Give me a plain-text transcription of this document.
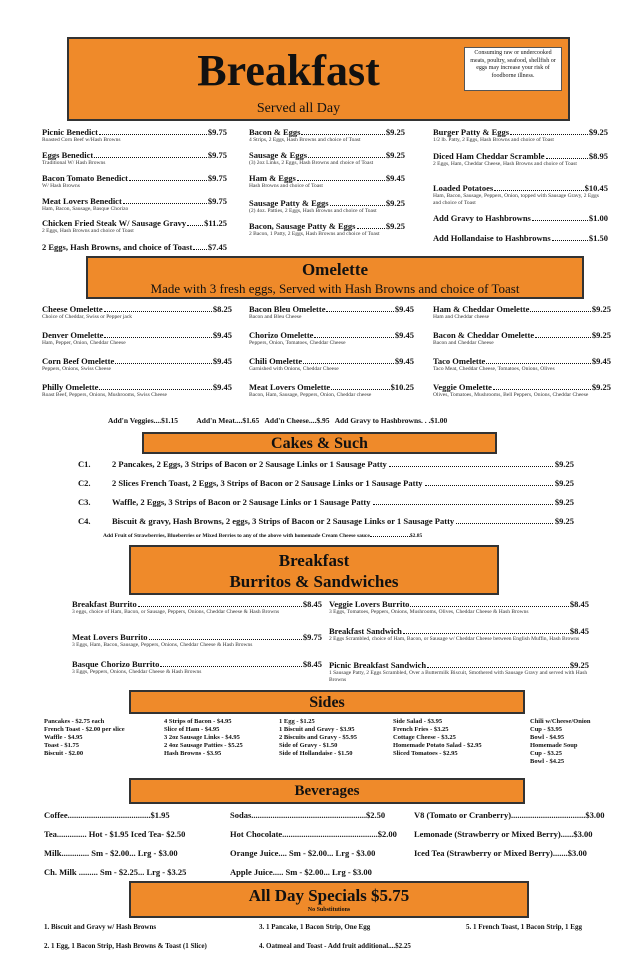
Breakfast
Served all Day
Consuming raw or undercooked meats, poultry, seafood, shellfish or eggs may increase your risk of foodborne illness.
Omelette
Made with 3 fresh eggs, Served with Hash Browns and choice of Toast
Add'n Veggies....$1.15          Add'n Meat....$1.65   Add'n Cheese....$.95   Add Gravy to Hashbrowns. . .$1.00
Cakes & Such
Add Fruit of Strawberries, Blueberries or Mixed Berries to any of the above with homemade Cream Cheese sauce	$2.85
Breakfast
Burritos & Sandwiches
Sides
Pancakes - $2.75 each
French Toast - $2.00 per slice
Waffle - $4.95
Toast - $1.75
Biscuit - $2.00
4 Strips of Bacon - $4.95
Slice of Ham - $4.95
3 2oz Sausage Links - $4.95
2 4oz Sausage Patties - $5.25
Hash Browns - $3.95
1 Egg - $1.25
1 Biscuit and Gravy - $3.95
2 Biscuits and Gravy - $5.95
Side of Gravy - $1.50
Side of Hollandaise - $1.50
Side Salad - $3.95
French Fries - $3.25
Cottage Cheese - $3.25
Homemade Potato Salad - $2.95
Sliced Tomatoes - $2.95
Chili w/Cheese/Onion
Cup - $3.95
Bowl - $4.95
Homemade Soup
Cup - $3.25
Bowl - $4.25
Beverages
All Day Specials $5.75
No Substitutions
1. Biscuit and Gravy w/ Hash Browns	3. 1 Pancake, 1 Bacon Strip, One Egg	5. 1 French Toast, 1 Bacon Strip, 1 Egg
2. 1 Egg, 1 Bacon Strip, Hash Browns & Toast (1 Slice)	4. Oatmeal and Toast - Add fruit additional....$2.25
Picnic Benedict	$9.75
Roasted Corn Beef w/Hash Browns
Eggs Benedict	$9.75
Traditional W/ Hash Browns
Bacon Tomato Benedict	$9.75
W/ Hash Browns
Meat Lovers Benedict	$9.75
Ham, Bacon, Sausage, Basque Chorizo
Chicken Fried Steak W/ Sausage Gravy $11.25
2 Eggs, Hash Browns and choice of Toast
2 Eggs, Hash Browns, and choice of Toast $7.45
Bacon & Eggs	$9.25
4 Strips, 2 Eggs, Hash Browns and choice of Toast
Sausage & Eggs	$9.25
(3) 2oz Links, 2 Eggs, Hash Browns and choice of Toast
Ham & Eggs	$9.45
Hash Browns and choice of Toast
Sausage Patty & Eggs	$9.25
(2) 4oz. Patties, 2 Eggs, Hash Browns and choice of Toast
Bacon, Sausage Patty & Eggs	$9.25
2 Bacon, 1 Patty, 2 Eggs, Hash Browns and choice of Toast
Burger Patty & Eggs	$9.25
1/2 lb. Patty, 2 Eggs, Hash Browns and choice of Toast
Diced Ham Cheddar Scramble	$8.95
2 Eggs, Ham, Cheddar Cheese, Hash Browns and choice of Toast
Loaded Potatoes	$10.45
Ham, Bacon, Sausage, Peppers, Onion, topped with Sausage Gravy, 2 Eggs and choice of Toast
Add Gravy to Hashbrowns	$1.00
Add Hollandaise to Hashbrowns	$1.50
Cheese Omelette	$8.25
Choice of Cheddar, Swiss or Pepper jack
Denver Omelette	$9.45
Ham, Pepper, Onion, Cheddar Cheese
Corn Beef Omelette	$9.45
Peppers, Onions, Swiss Cheese
Philly Omelette	$9.45
Roast Beef, Peppers, Onions, Mushrooms, Swiss Cheese
Bacon Bleu Omelette	$9.45
Bacon and Bleu Cheese
Chorizo Omelette	$9.45
Peppers, Onion, Tomatoes, Cheddar Cheese
Chili Omelette	$9.45
Garnished with Onions, Cheddar Cheese
Meat Lovers Omelette	$10.25
Bacon, Ham, Sausage, Peppers, Onion, Cheddar cheese
Ham & Cheddar Omelette	$9.25
Ham and Cheddar cheese
Bacon & Cheddar Omelette	$9.25
Bacon and Cheddar Cheese
Taco Omelette	$9.45
Taco Meat, Cheddar Cheese, Tomatoes, Onions, Olives
Veggie Omelette	$9.25
Olives, Tomatoes, Mushrooms, Bell Peppers, Onions, Cheddar Cheese
C1.	2 Pancakes, 2 Eggs, 3 Strips of Bacon or 2 Sausage Links or 1 Sausage Patty	$9.25
C2.	2 Slices French Toast, 2 Eggs, 3 Strips of Bacon or 2 Sausage Links or 1 Sausage Patty	$9.25
C3.	Waffle, 2 Eggs, 3 Strips of Bacon or 2 Sausage Links or 1 Sausage Patty	$9.25
C4.	Biscuit & gravy, Hash Browns, 2 eggs, 3 Strips of Bacon or 2 Sausage Links or 1 Sausage Patty	$9.25
Breakfast Burrito	$8.45
3 eggs, choice of Ham, Bacon, or Sausage, Peppers, Onions, Cheddar Cheese & Hash Browns
Meat Lovers Burrito	$9.75
3 Eggs, Ham, Bacon, Sausage, Peppers, Onions, Cheddar Cheese & Hash Browns
Basque Chorizo Burrito	$8.45
3 Eggs, Peppers, Onions, Cheddar Cheese & Hash Browns
Veggie Lovers Burrito	$8.45
3 Eggs, Tomatoes, Peppers, Onions, Mushrooms, Olives, Cheddar Cheese & Hash Browns
Breakfast Sandwich	$8.45
2 Eggs Scrambled, choice of Ham, Bacon, or Sausage w/ Cheddar Cheese between English Muffin, Hash Browns
Picnic Breakfast Sandwich	$9.25
1 Sausage Patty, 2 Eggs Scrambled, Over a Buttermilk Biscuit, Smothered with Sausage Gravy and served with Hash Browns
Coffee.......................................$1.95	Sodas......................................................$2.50	V8 (Tomato or Cranberry)...................................$3.00
Tea.............. Hot - $1.95 Iced Tea- $2.50	Hot Chocolate.............................................$2.00 Lemonade (Strawberry or Mixed Berry)......$3.00
Milk............. Sm - $2.00... Lrg - $3.00	Orange Juice.... Sm - $2.00... Lrg - $3.00	Iced Tea (Strawberry or Mixed Berry).......$3.00
Ch. Milk ......... Sm - $2.25... Lrg - $3.25	Apple Juice..... Sm - $2.00... Lrg - $3.00
